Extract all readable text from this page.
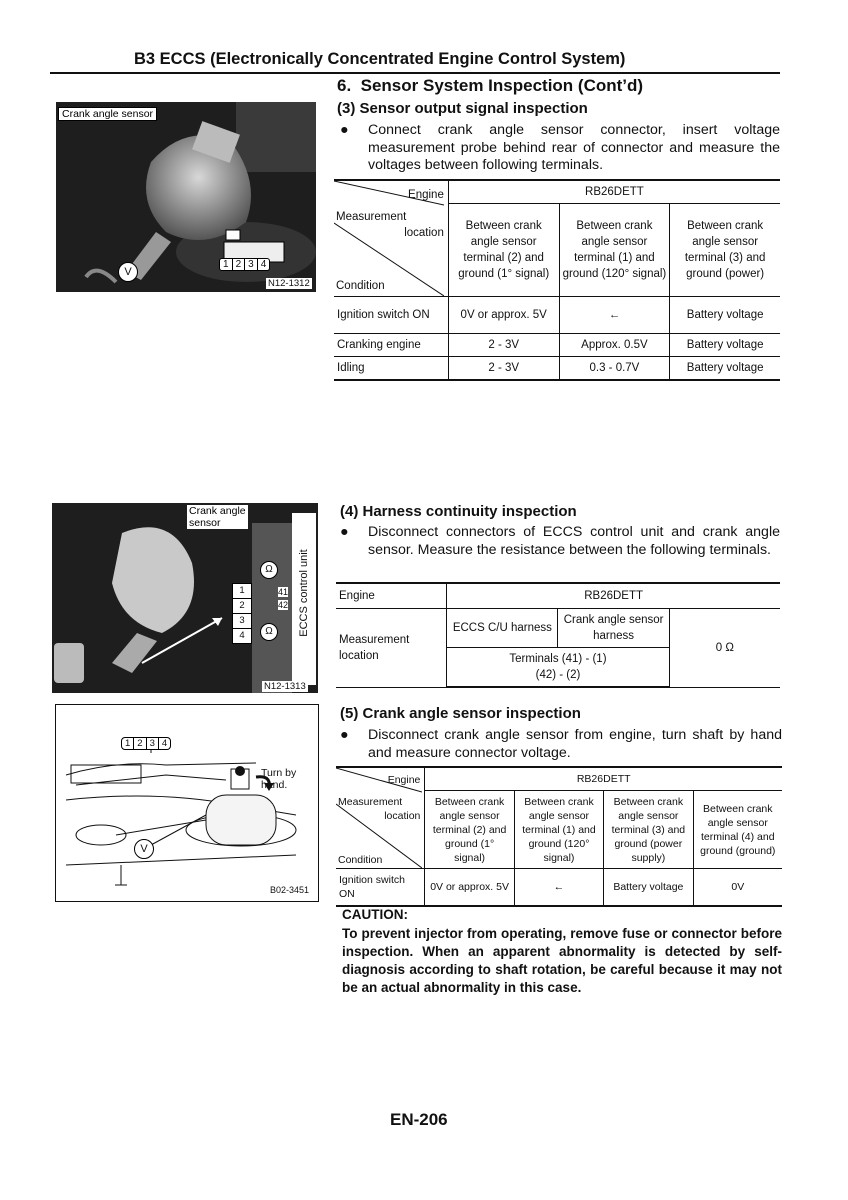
B3 ECCS (Electronically Concentrated Engine Control System)
6.  Sensor System Inspection (Cont’d)
Crank angle sensor
1 2 3 4
V
N12-1312
(3) Sensor output signal inspection
● Connect crank angle sensor connector, insert voltage measurement probe behind rear of connector and measure the voltages between following terminals.
Engine
Measurement
location
Condition	RB26DETT		
	Between crank angle sensor terminal (2) and ground (1° signal)	Between crank angle sensor terminal (1) and ground (120° signal)	Between crank angle sensor terminal (3) and ground (power)
Ignition switch ON	0V or approx. 5V	←	Battery voltage
Cranking engine	2 - 3V	Approx. 0.5V	Battery voltage
Idling	2 - 3V	0.3 - 0.7V	Battery voltage
Crank angle
sensor
ECCS control unit
1
2
3
4
41
42
Ω
Ω
N12-1313
(4) Harness continuity inspection
● Disconnect connectors of ECCS control unit and crank angle sensor. Measure the resistance between the following terminals.
Engine	RB26DETT		

Measurement
location	ECCS C/U harness	Crank angle sensor harness	0 Ω

	Terminals (41) - (1)
(42) - (2)		
1 2 3 4
Turn by hand.
V
B02-3451
(5) Crank angle sensor inspection
● Disconnect crank angle sensor from engine, turn shaft by hand and measure connector voltage.
Engine
Measurement
location
Condition	RB26DETT			
	Between crank angle sensor terminal (2) and ground (1° signal)	Between crank angle sensor terminal (1) and ground (120° signal)	Between crank angle sensor terminal (3) and ground (power supply)	Between crank angle sensor terminal (4) and ground (ground)
Ignition switch ON	0V or approx. 5V	←	Battery voltage	0V
CAUTION:
To prevent injector from operating, remove fuse or connector before inspection. When an apparent abnormality is detected by self-diagnosis according to shaft rotation, be careful because it may not be an actual abnormality in this case.
EN-206
